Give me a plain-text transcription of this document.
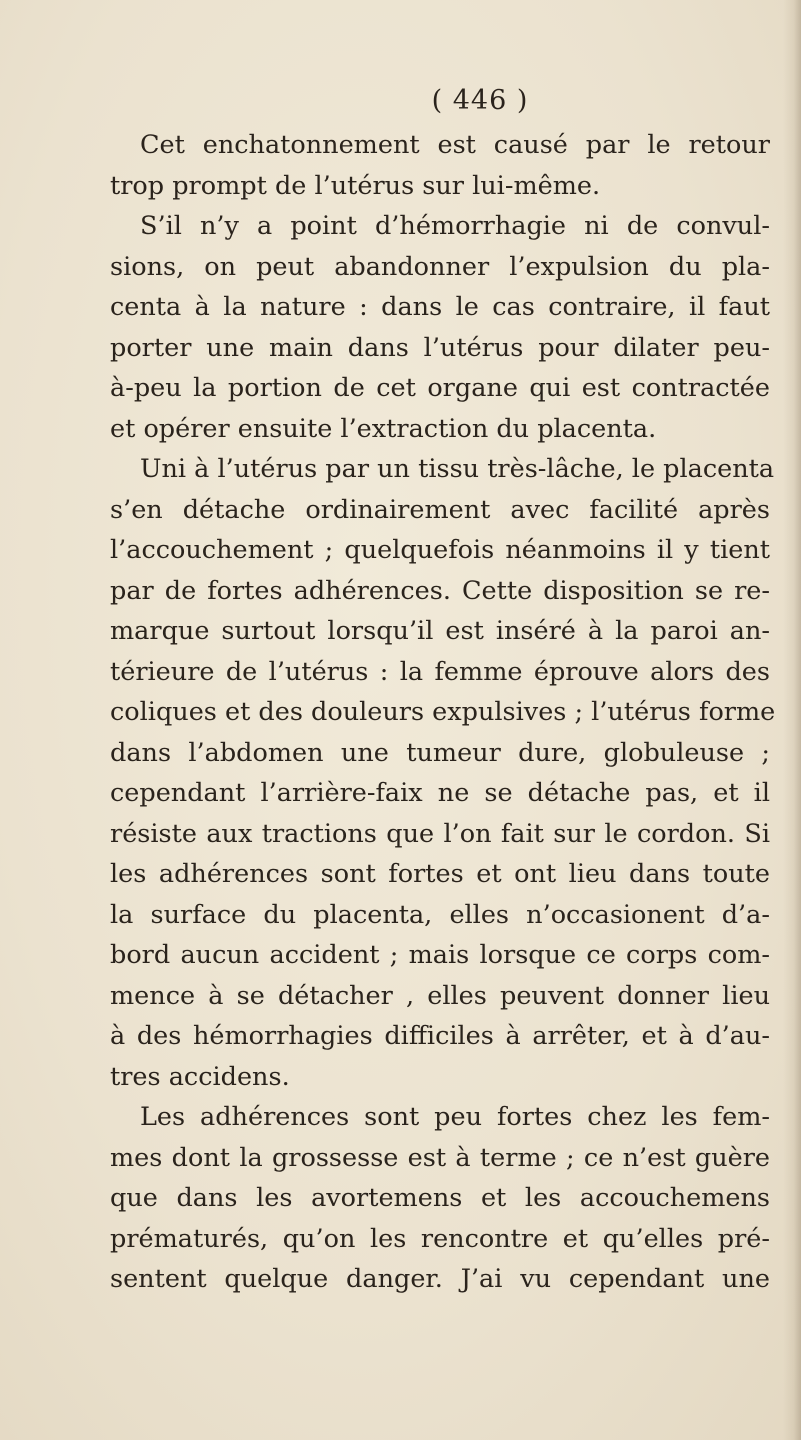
( 446 )
Cet enchatonnement est causé par le retour
trop prompt de l’utérus sur lui-même.
S’il n’y a point d’hémorrhagie ni de convul-
sions, on peut abandonner l’expulsion du pla-
centa à la nature : dans le cas contraire, il faut
porter une main dans l’utérus pour dilater peu-
à-peu la portion de cet organe qui est contractée
et opérer ensuite l’extraction du placenta.
Uni à l’utérus par un tissu très-lâche, le placenta
s’en détache ordinairement avec facilité après
l’accouchement ; quelquefois néanmoins il y tient
par de fortes adhérences. Cette disposition se re-
marque surtout lorsqu’il est inséré à la paroi an-
térieure de l’utérus : la femme éprouve alors des
coliques et des douleurs expulsives ; l’utérus forme
dans l’abdomen une tumeur dure, globuleuse ;
cependant l’arrière-faix ne se détache pas, et il
résiste aux tractions que l’on fait sur le cordon. Si
les adhérences sont fortes et ont lieu dans toute
la surface du placenta, elles n’occasionent d’a-
bord aucun accident ; mais lorsque ce corps com-
mence à se détacher , elles peuvent donner lieu
à des hémorrhagies difficiles à arrêter, et à d’au-
tres accidens.
Les adhérences sont peu fortes chez les fem-
mes dont la grossesse est à terme ; ce n’est guère
que dans les avortemens et les accouchemens
prématurés, qu’on les rencontre et qu’elles pré-
sentent quelque danger. J’ai vu cependant une
